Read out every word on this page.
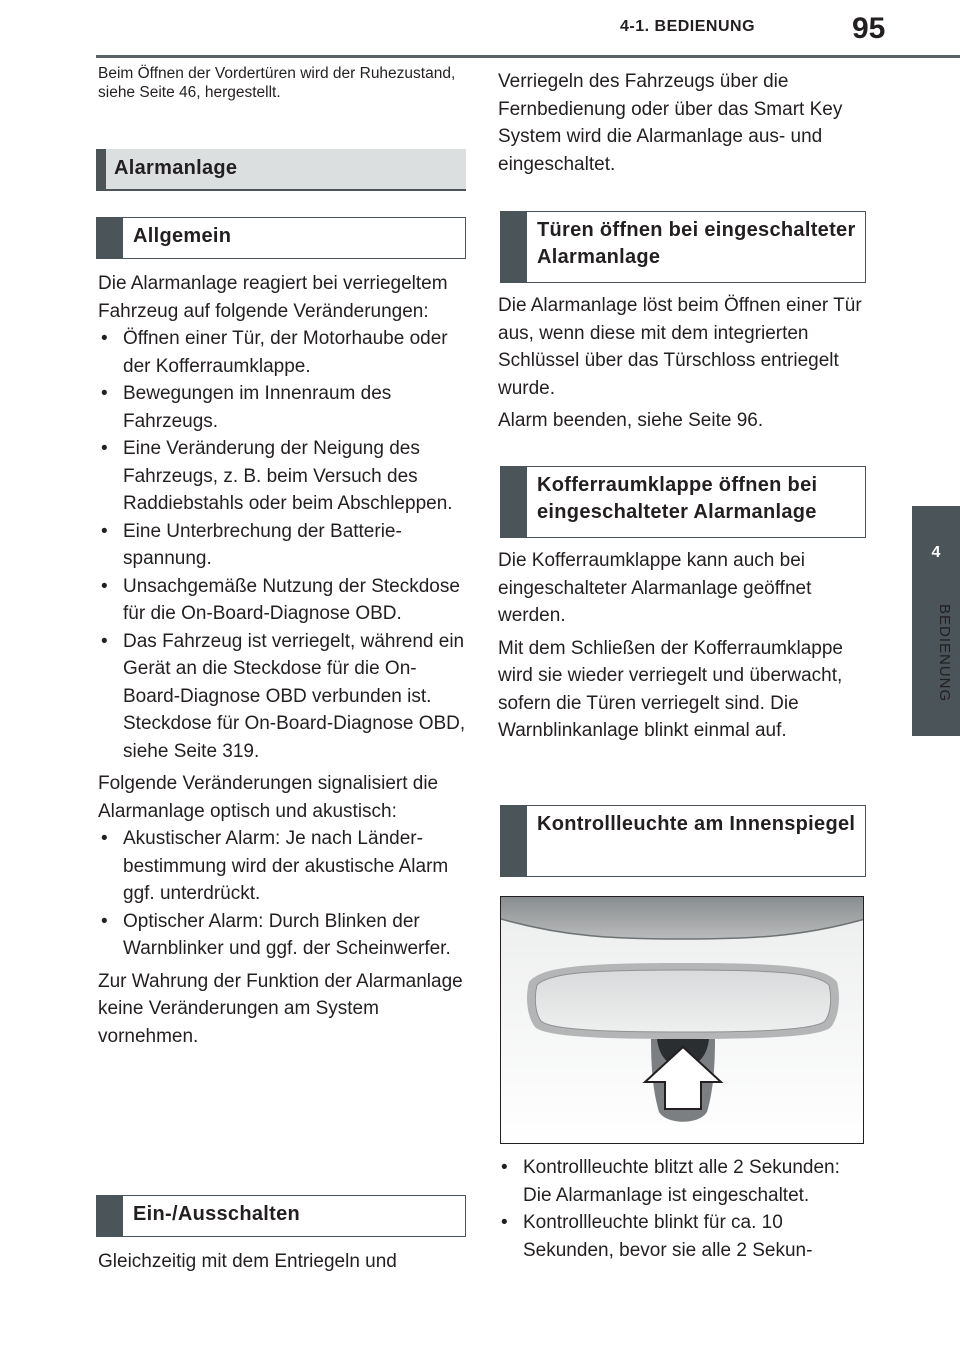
4-1. BEDIENUNG	95
4
BEDIENUNG

Beim Öffnen der Vordertüren wird der Ruhezustand, siehe Seite 46, hergestellt.

Alarmanlage
Allgemein

Die Alarmanlage reagiert bei verriegeltem Fahrzeug auf folgende Veränderungen:

• Öffnen einer Tür, der Motorhaube oder der Kofferraumklappe.
• Bewegungen im Innenraum des Fahrzeugs.
• Eine Veränderung der Neigung des Fahrzeugs, z. B. beim Versuch des Raddiebstahls oder beim Abschleppen.
• Eine Unterbrechung der Batteriespannung.
• Unsachgemäße Nutzung der Steckdose für die On-Board-Diagnose OBD.
• Das Fahrzeug ist verriegelt, während ein Gerät an die Steckdose für die On-Board-Diagnose OBD verbunden ist. Steckdose für On-Board-Diagnose OBD, siehe Seite 319.

Folgende Veränderungen signalisiert die Alarmanlage optisch und akustisch:

• Akustischer Alarm: Je nach Länderbestimmung wird der akustische Alarm ggf. unterdrückt.
• Optischer Alarm: Durch Blinken der Warnblinker und ggf. der Scheinwerfer.

Zur Wahrung der Funktion der Alarmanlage keine Veränderungen am System vornehmen.

Ein-/Ausschalten

Gleichzeitig mit dem Entriegeln und

Verriegeln des Fahrzeugs über die Fernbedienung oder über das Smart Key System wird die Alarmanlage aus- und eingeschaltet.

Türen öffnen bei eingeschalteter Alarmanlage

Die Alarmanlage löst beim Öffnen einer Tür aus, wenn diese mit dem integrierten Schlüssel über das Türschloss entriegelt wurde.

Alarm beenden, siehe Seite 96.

Kofferraumklappe öffnen bei eingeschalteter Alarmanlage

Die Kofferraumklappe kann auch bei eingeschalteter Alarmanlage geöffnet werden.

Mit dem Schließen der Kofferraumklappe wird sie wieder verriegelt und überwacht, sofern die Türen verriegelt sind. Die Warnblinkanlage blinkt einmal auf.

Kontrollleuchte am Innenspiegel
• Kontrollleuchte blitzt alle 2 Sekunden: Die Alarmanlage ist eingeschaltet.
• Kontrollleuchte blinkt für ca. 10 Sekunden, bevor sie alle 2 Sekun-
